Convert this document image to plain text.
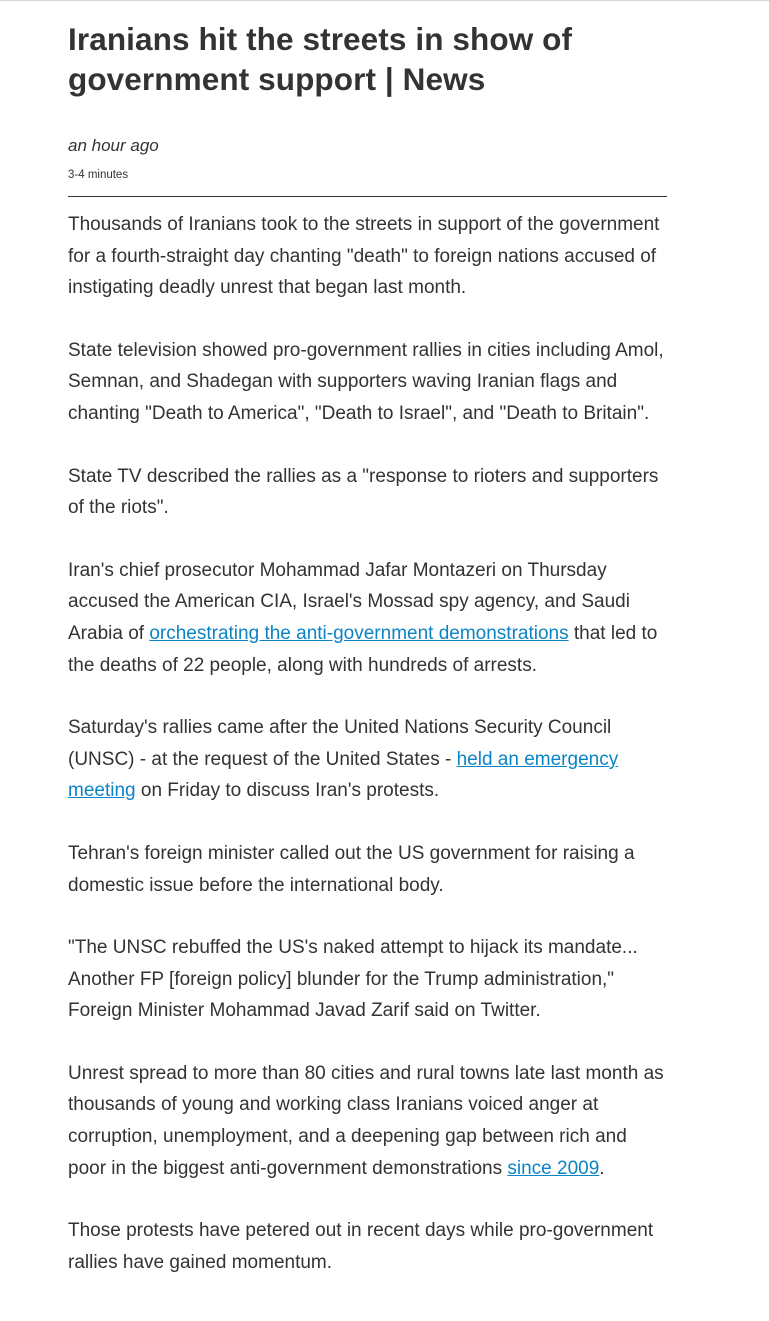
Iranians hit the streets in show of government support | News
an hour ago
3-4 minutes

Thousands of Iranians took to the streets in support of the government for a fourth-straight day chanting "death" to foreign nations accused of instigating deadly unrest that began last month.

State television showed pro-government rallies in cities including Amol, Semnan, and Shadegan with supporters waving Iranian flags and chanting "Death to America", "Death to Israel", and "Death to Britain".

State TV described the rallies as a "response to rioters and supporters of the riots".

Iran's chief prosecutor Mohammad Jafar Montazeri on Thursday accused the American CIA, Israel's Mossad spy agency, and Saudi Arabia of orchestrating the anti-government demonstrations that led to the deaths of 22 people, along with hundreds of arrests.

Saturday's rallies came after the United Nations Security Council (UNSC) - at the request of the United States - held an emergency meeting on Friday to discuss Iran's protests.

Tehran's foreign minister called out the US government for raising a domestic issue before the international body.

"The UNSC rebuffed the US's naked attempt to hijack its mandate... Another FP [foreign policy] blunder for the Trump administration," Foreign Minister Mohammad Javad Zarif said on Twitter.

Unrest spread to more than 80 cities and rural towns late last month as thousands of young and working class Iranians voiced anger at corruption, unemployment, and a deepening gap between rich and poor in the biggest anti-government demonstrations since 2009.

Those protests have petered out in recent days while pro-government rallies have gained momentum.
